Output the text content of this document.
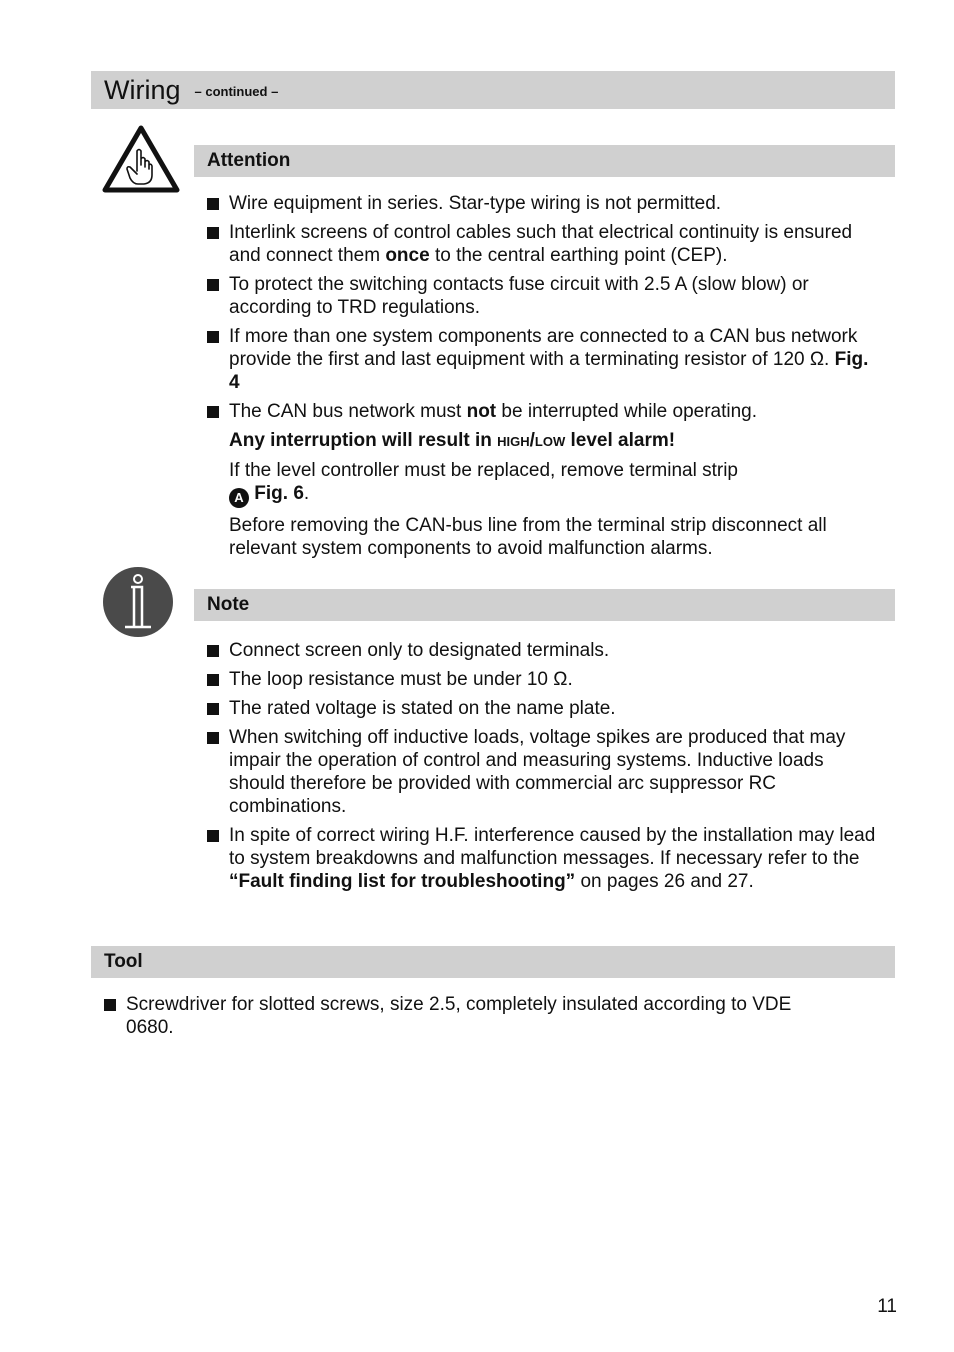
Wiring – continued –
Attention
Wire equipment in series. Star-type wiring is not permitted.
Interlink screens of control cables such that electrical continuity is ensured and connect them once to the central earthing point (CEP).
To protect the switching contacts fuse circuit with 2.5 A (slow blow) or according to TRD regulations.
If more than one system components are connected to a CAN bus network provide the first and last equipment with a terminating resistor of 120 Ω. Fig. 4
The CAN bus network must not be interrupted while operating.
Any interruption will result in HIGH/LOW level alarm!
If the level controller must be replaced, remove terminal strip A Fig. 6.
Before removing the CAN-bus line from the terminal strip disconnect all relevant system components to avoid malfunction alarms.
Note
Connect screen only to designated terminals.
The loop resistance must be under 10 Ω.
The rated voltage is stated on the name plate.
When switching off inductive loads, voltage spikes are produced that may impair the operation of control and measuring systems. Inductive loads should therefore be provided with commercial arc suppressor RC combinations.
In spite of correct wiring H.F. interference caused by the installation may lead to system breakdowns and malfunction messages. If necessary refer to the “Fault finding list for troubleshooting” on pages 26 and 27.
Tool
Screwdriver for slotted screws, size 2.5, completely insulated according to VDE 0680.
11
